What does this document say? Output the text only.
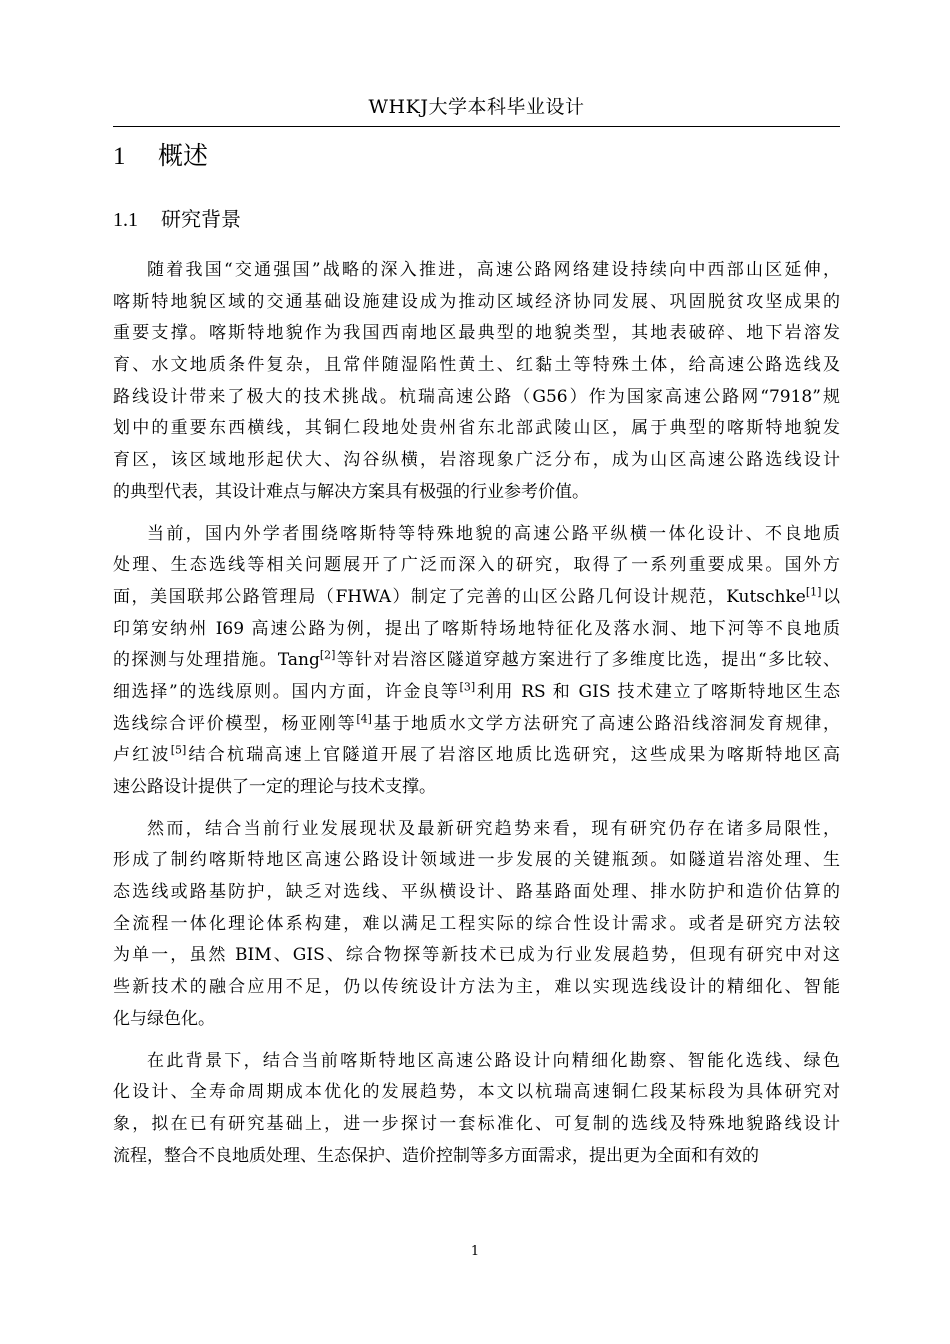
WHKJ大学本科毕业设计
1 概述
1.1 研究背景
随着我国“交通强国”战略的深入推进，高速公路网络建设持续向中西部山区延伸，
喀斯特地貌区域的交通基础设施建设成为推动区域经济协同发展、巩固脱贫攻坚成果的
重要支撑。喀斯特地貌作为我国西南地区最典型的地貌类型，其地表破碎、地下岩溶发
育、水文地质条件复杂，且常伴随湿陷性黄土、红黏土等特殊土体，给高速公路选线及
路线设计带来了极大的技术挑战。杭瑞高速公路（G56）作为国家高速公路网“7918”规
划中的重要东西横线，其铜仁段地处贵州省东北部武陵山区，属于典型的喀斯特地貌发
育区，该区域地形起伏大、沟谷纵横，岩溶现象广泛分布，成为山区高速公路选线设计
的典型代表，其设计难点与解决方案具有极强的行业参考价值。
当前，国内外学者围绕喀斯特等特殊地貌的高速公路平纵横一体化设计、不良地质
处理、生态选线等相关问题展开了广泛而深入的研究，取得了一系列重要成果。国外方
面，美国联邦公路管理局（FHWA）制定了完善的山区公路几何设计规范，Kutschke[1]以
印第安纳州 I69 高速公路为例，提出了喀斯特场地特征化及落水洞、地下河等不良地质
的探测与处理措施。Tang[2]等针对岩溶区隧道穿越方案进行了多维度比选，提出“多比较、
细选择”的选线原则。国内方面，许金良等[3]利用 RS 和 GIS 技术建立了喀斯特地区生态
选线综合评价模型，杨亚刚等[4]基于地质水文学方法研究了高速公路沿线溶洞发育规律，
卢红波[5]结合杭瑞高速上官隧道开展了岩溶区地质比选研究，这些成果为喀斯特地区高
速公路设计提供了一定的理论与技术支撑。
然而，结合当前行业发展现状及最新研究趋势来看，现有研究仍存在诸多局限性，
形成了制约喀斯特地区高速公路设计领域进一步发展的关键瓶颈。如隧道岩溶处理、生
态选线或路基防护，缺乏对选线、平纵横设计、路基路面处理、排水防护和造价估算的
全流程一体化理论体系构建，难以满足工程实际的综合性设计需求。或者是研究方法较
为单一，虽然 BIM、GIS、综合物探等新技术已成为行业发展趋势，但现有研究中对这
些新技术的融合应用不足，仍以传统设计方法为主，难以实现选线设计的精细化、智能
化与绿色化。
在此背景下，结合当前喀斯特地区高速公路设计向精细化勘察、智能化选线、绿色
化设计、全寿命周期成本优化的发展趋势，本文以杭瑞高速铜仁段某标段为具体研究对
象，拟在已有研究基础上，进一步探讨一套标准化、可复制的选线及特殊地貌路线设计
流程，整合不良地质处理、生态保护、造价控制等多方面需求，提出更为全面和有效的
1
